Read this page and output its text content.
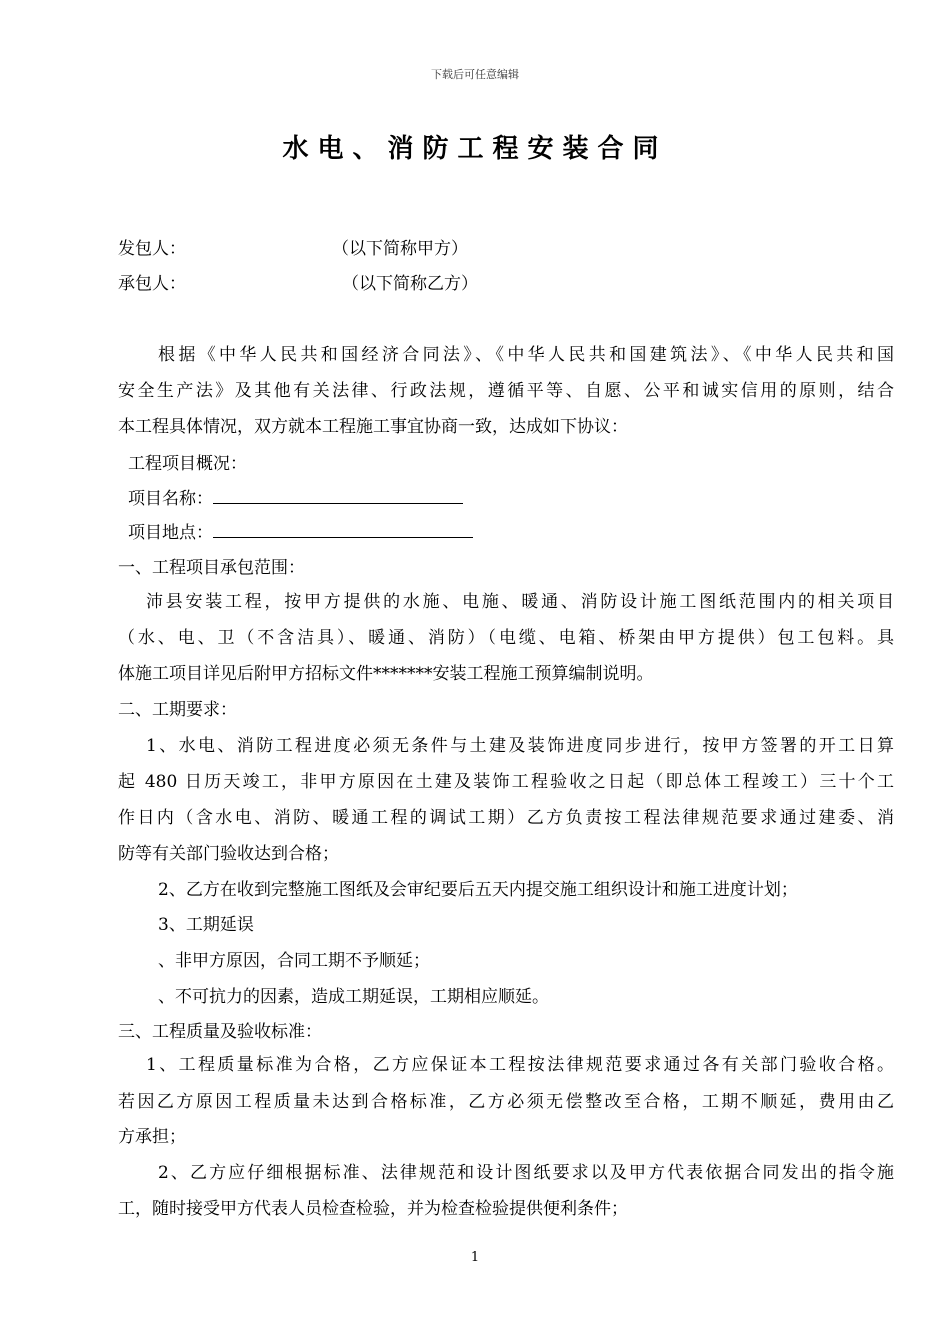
下载后可任意编辑
水电、消防工程安装合同
发包人：	（以下简称甲方）
承包人：	（以下简称乙方）
根据《中华人民共和国经济合同法》、《中华人民共和国建筑法》、《中华人民共和国
安全生产法》及其他有关法律、行政法规，遵循平等、自愿、公平和诚实信用的原则，结合
本工程具体情况，双方就本工程施工事宜协商一致，达成如下协议：
工程项目概况：
项目名称：
项目地点：
一、工程项目承包范围：
沛县安装工程，按甲方提供的水施、电施、暖通、消防设计施工图纸范围内的相关项目
（水、电、卫（不含洁具）、暖通、消防）（电缆、电箱、桥架由甲方提供）包工包料。具
体施工项目详见后附甲方招标文件*******安装工程施工预算编制说明。
二、工期要求：
1、水电、消防工程进度必须无条件与土建及装饰进度同步进行，按甲方签署的开工日算
起 480 日历天竣工，非甲方原因在土建及装饰工程验收之日起（即总体工程竣工）三十个工
作日内（含水电、消防、暖通工程的调试工期）乙方负责按工程法律规范要求通过建委、消
防等有关部门验收达到合格；
2、乙方在收到完整施工图纸及会审纪要后五天内提交施工组织设计和施工进度计划；
3、工期延误
、非甲方原因，合同工期不予顺延；
、不可抗力的因素，造成工期延误，工期相应顺延。
三、工程质量及验收标准：
1、工程质量标准为合格，乙方应保证本工程按法律规范要求通过各有关部门验收合格。
若因乙方原因工程质量未达到合格标准，乙方必须无偿整改至合格，工期不顺延，费用由乙
方承担；
2、乙方应仔细根据标准、法律规范和设计图纸要求以及甲方代表依据合同发出的指令施
工，随时接受甲方代表人员检查检验，并为检查检验提供便利条件；
1
